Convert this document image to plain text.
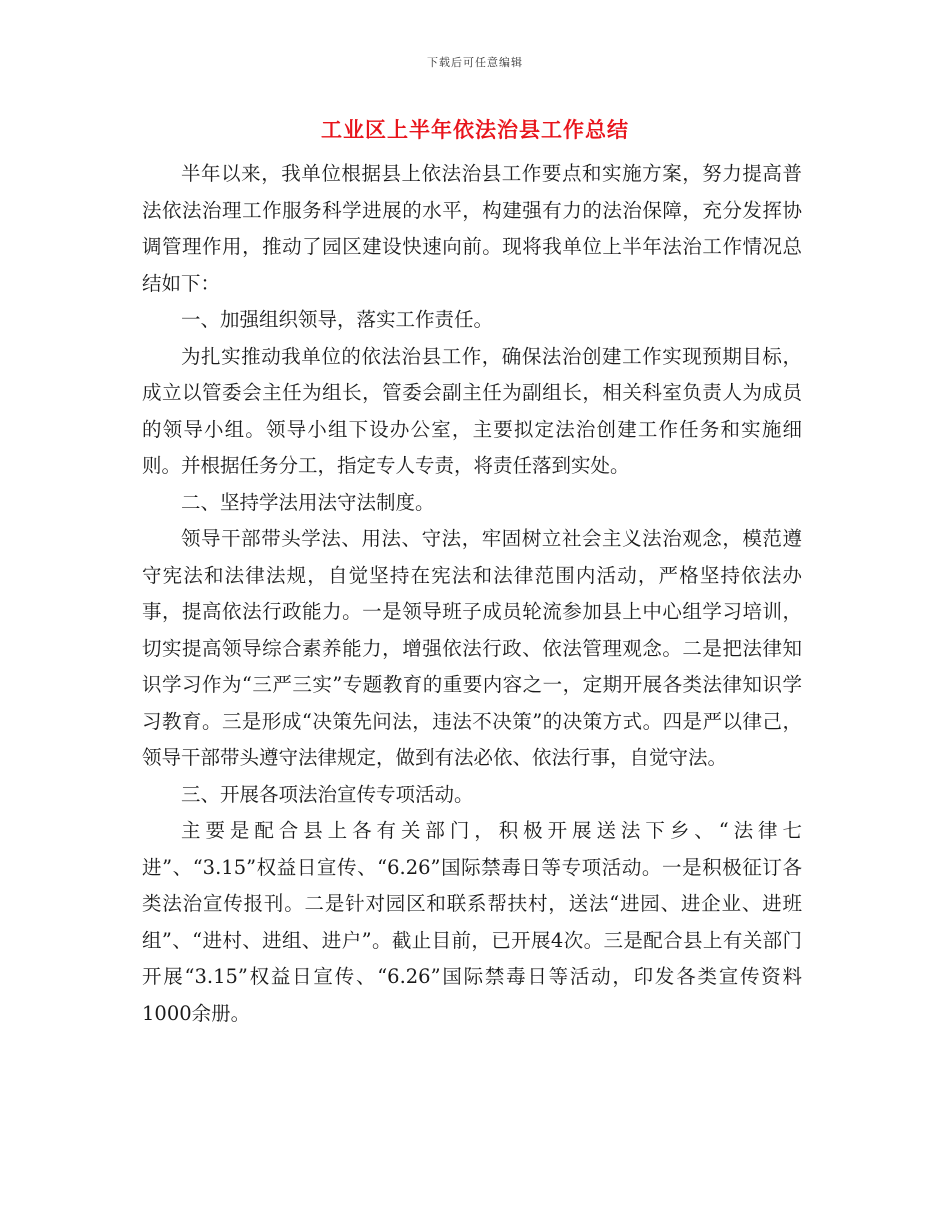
下载后可任意编辑
工业区上半年依法治县工作总结

半年以来，我单位根据县上依法治县工作要点和实施方案，努力提高普法依法治理工作服务科学进展的水平，构建强有力的法治保障，充分发挥协调管理作用，推动了园区建设快速向前。现将我单位上半年法治工作情况总结如下：

一、加强组织领导，落实工作责任。

为扎实推动我单位的依法治县工作，确保法治创建工作实现预期目标，成立以管委会主任为组长，管委会副主任为副组长，相关科室负责人为成员的领导小组。领导小组下设办公室，主要拟定法治创建工作任务和实施细则。并根据任务分工，指定专人专责，将责任落到实处。

二、坚持学法用法守法制度。

领导干部带头学法、用法、守法，牢固树立社会主义法治观念，模范遵守宪法和法律法规，自觉坚持在宪法和法律范围内活动，严格坚持依法办事，提高依法行政能力。一是领导班子成员轮流参加县上中心组学习培训，切实提高领导综合素养能力，增强依法行政、依法管理观念。二是把法律知识学习作为“三严三实”专题教育的重要内容之一，定期开展各类法律知识学习教育。三是形成“决策先问法，违法不决策”的决策方式。四是严以律己，领导干部带头遵守法律规定，做到有法必依、依法行事，自觉守法。

三、开展各项法治宣传专项活动。

主要是配合县上各有关部门，积极开展送法下乡、“法律七进”、“3.15”权益日宣传、“6.26”国际禁毒日等专项活动。一是积极征订各类法治宣传报刊。二是针对园区和联系帮扶村，送法“进园、进企业、进班组”、“进村、进组、进户”。截止目前，已开展4次。三是配合县上有关部门开展“3.15”权益日宣传、“6.26”国际禁毒日等活动，印发各类宣传资料1000余册。
